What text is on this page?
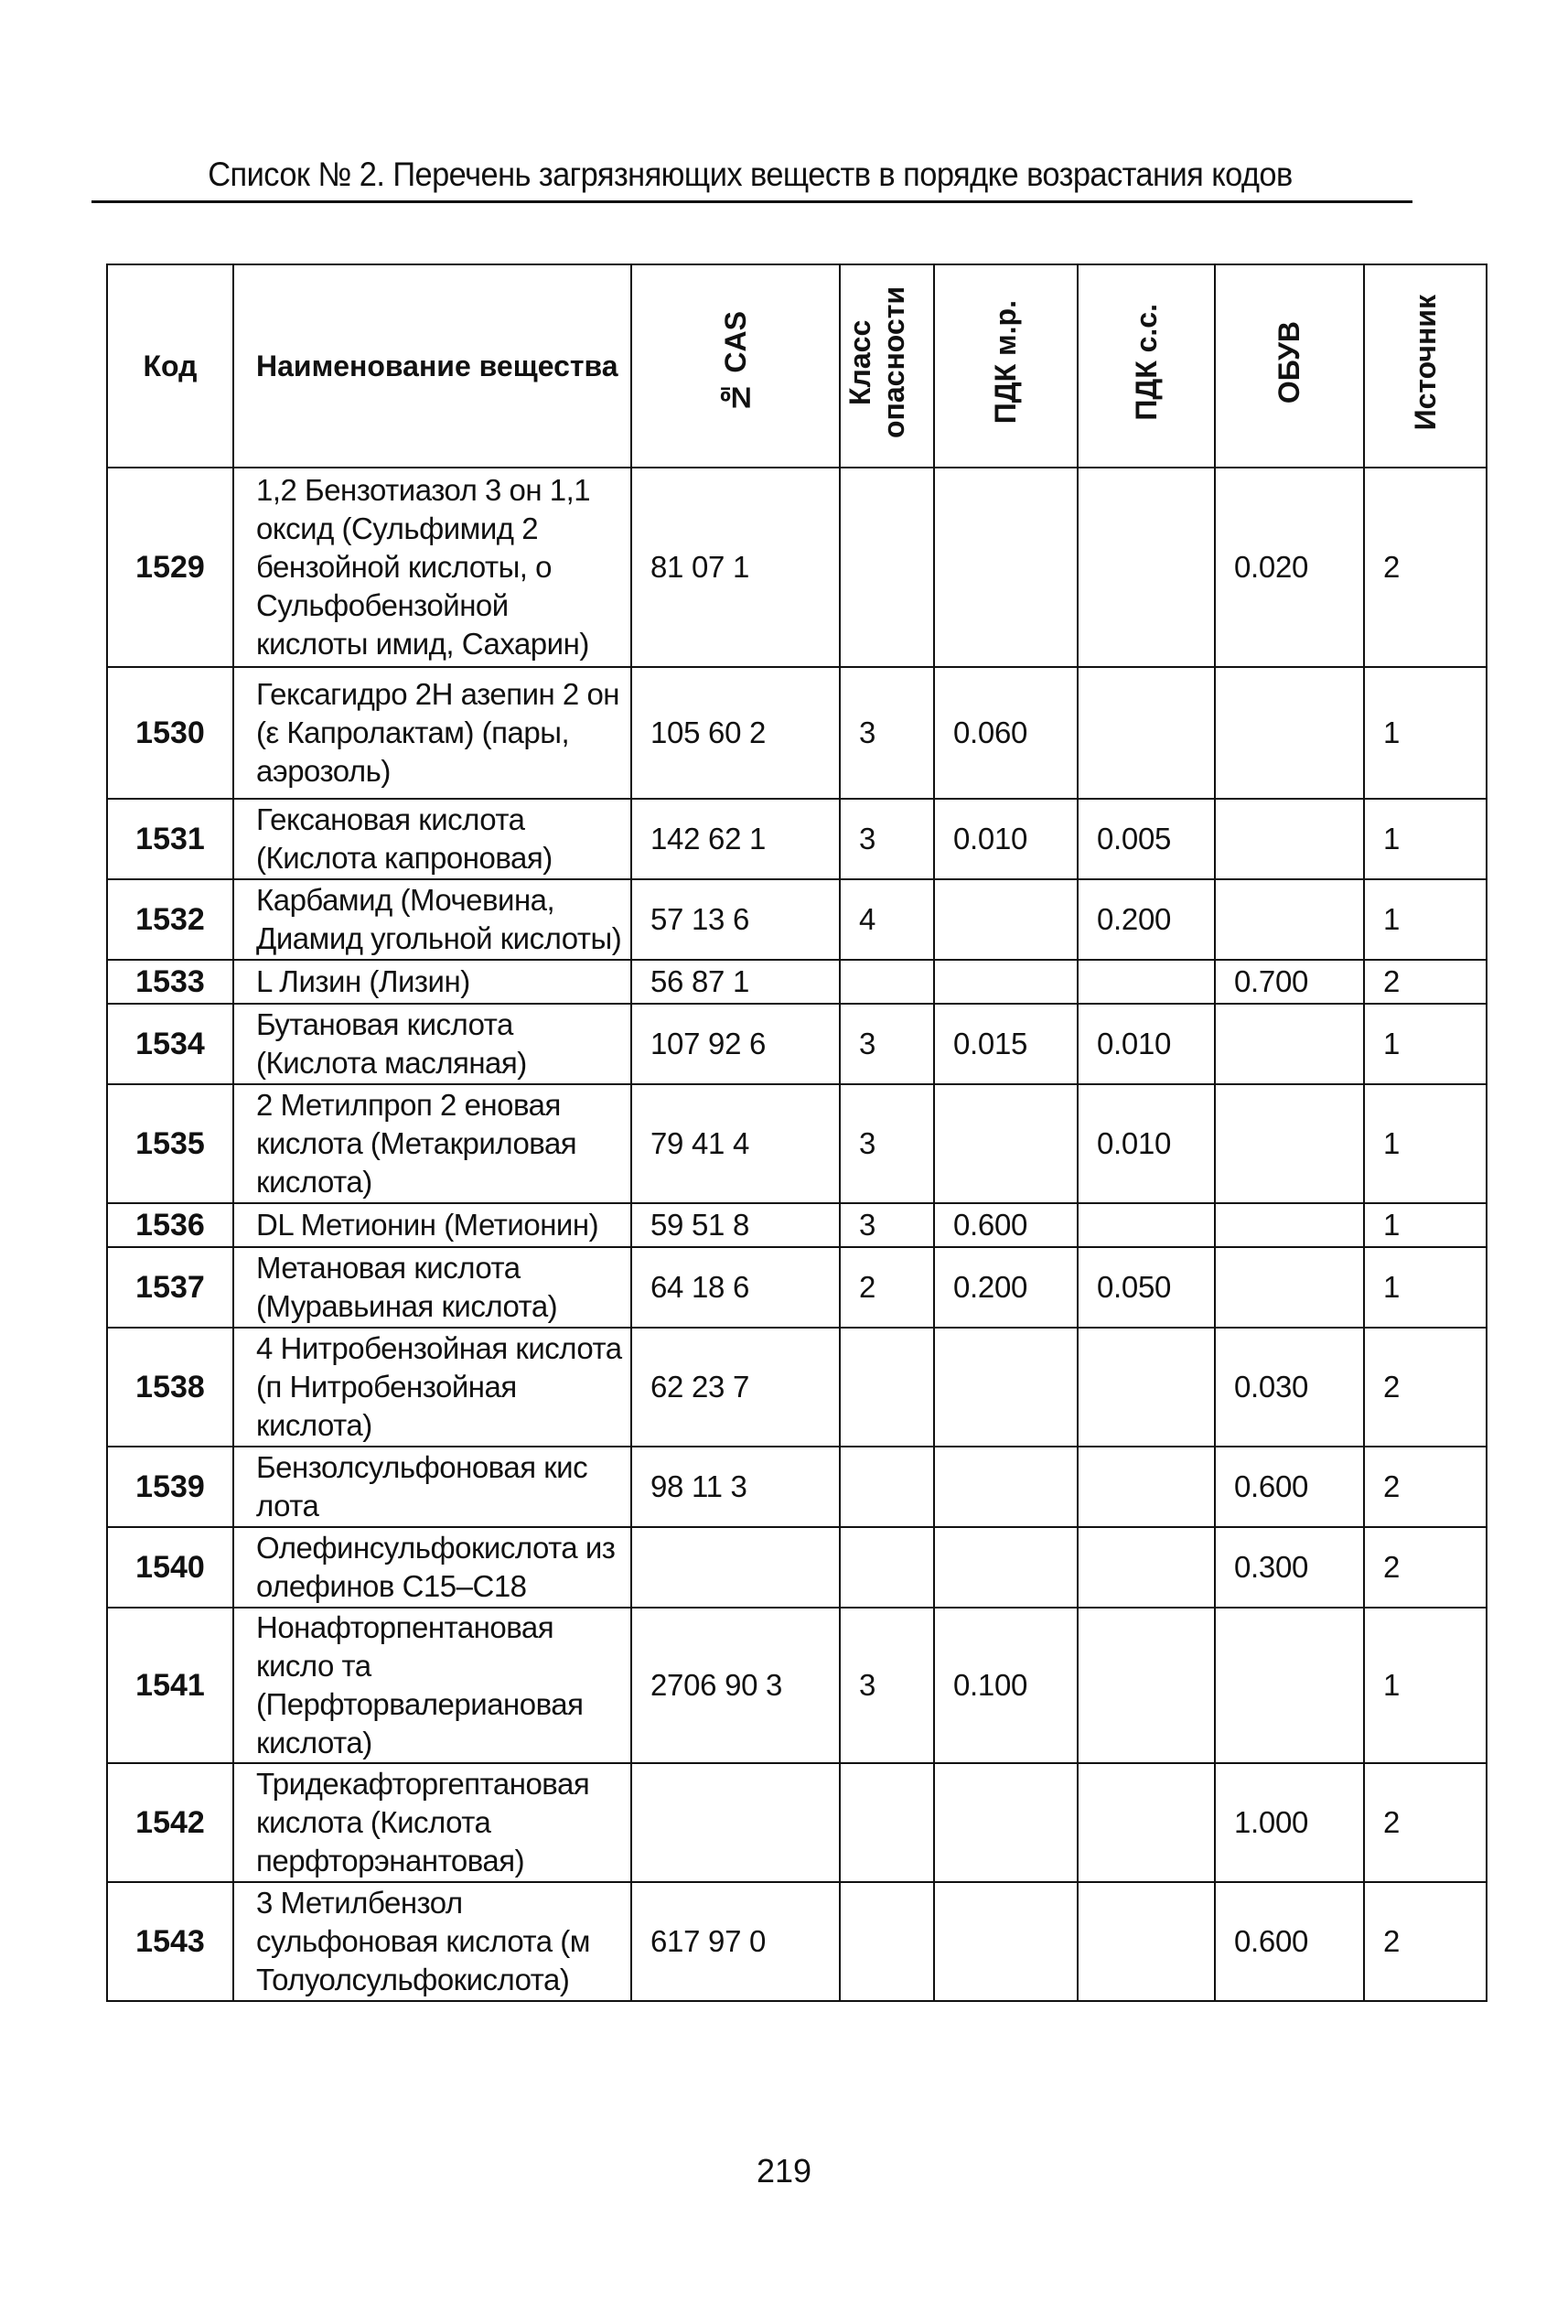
Список № 2. Перечень загрязняющих веществ в порядке возрастания кодов
Код	Наименование вещества	№ CAS	Класс опасности	ПДК м.р.	ПДК с.с.	ОБУВ	Источник
1529	1,2 Бензотиазол 3 он 1,1 оксид (Сульфимид 2 бензойной кислоты, о Сульфобензойной кислоты имид, Сахарин)	81 07 1				0.020	2
1530	Гексагидро 2Н азепин 2 он (ε Капролактам) (пары, аэрозоль)	105 60 2	3	0.060			1
1531	Гексановая кислота (Кислота капроновая)	142 62 1	3	0.010	0.005		1
1532	Карбамид (Мочевина, Диамид угольной кислоты)	57 13 6	4		0.200		1
1533	L Лизин (Лизин)	56 87 1				0.700	2
1534	Бутановая кислота (Кислота масляная)	107 92 6	3	0.015	0.010		1
1535	2 Метилпроп 2 еновая кислота (Метакриловая кислота)	79 41 4	3		0.010		1
1536	DL Метионин (Метионин)	59 51 8	3	0.600			1
1537	Метановая кислота (Муравьиная кислота)	64 18 6	2	0.200	0.050		1
1538	4 Нитробензойная кислота (п Нитробензойная кислота)	62 23 7				0.030	2
1539	Бензолсульфоновая кис лота	98 11 3				0.600	2
1540	Олефинсульфокислота из олефинов C15–C18					0.300	2
1541	Нонафторпентановая кисло та (Перфторвалериановая кислота)	2706 90 3	3	0.100			1
1542	Тридекафторгептановая кислота (Кислота перфторэнантовая)					1.000	2
1543	3 Метилбензол сульфоновая кислота (м Толуолсульфокислота)	617 97 0				0.600	2
219
